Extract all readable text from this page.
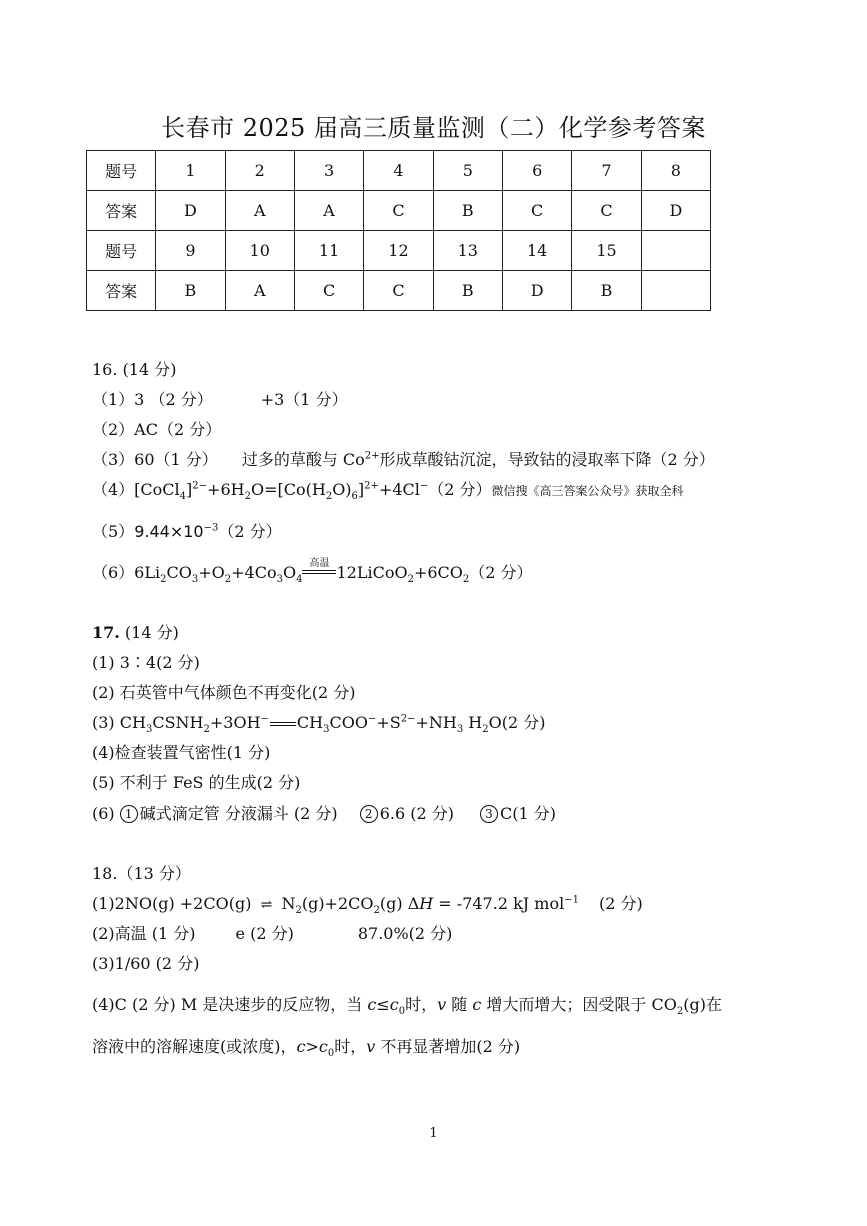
长春市 2025 届高三质量监测（二）化学参考答案
题号	1	2	3	4	5	6	7	8
答案	D	A	A	C	B	C	C	D
题号	9	10	11	12	13	14	15	
答案	B	A	C	C	B	D	B	
16. (14 分)
（1）3 （2 分）	+3（1 分）
（2）AC（2 分）
（3）60（1 分） 过多的草酸与 $Co^{2+}$形成草酸钴沉淀，导致钴的浸取率下降（2 分）
$(4)[CoCl_4]^{2-}+6H_2O=[Co(H_2O)_6]^{2+}+4Cl^-(2$ 分）微信搜《高三答案公众号》获取全科
$(5)9.44\times 10^{-3}(2$ 分）
$(6)6Li_2CO_3+O_2+4Co_3O_4$
高温 $12LiCoO_2+6CO_2(2$ 分）
17. (14 分)
(1) 3∶4(2 分)
(2) 石英管中气体颜色不再变化(2 分)
(3) $CH_3CSNH_2+3OH^-$ $CH_3COO^-+S^{2-}+NH_3$ $H_2O(2$ 分)
(4)检查装置气密性(1 分)
(5) 不利于 FeS 的生成(2 分)
(6) 1 碱式滴定管 分液漏斗 (2 分) 2 6.6 (2 分)	3 C(1 分)
18.（13 分）
(1)2NO(g) +2CO(g) ⇌ $N_2(g)+2CO_2(g) \Delta H = -747.2$ kJ mol$^{-1}$ (2 分)
(2)高温 (1 分)	e (2 分)	87.0%(2 分)
(3)1/60 (2 分)
(4)C (2 分) M 是决速步的反应物，当 $c\le c_0$时，v 随 c 增大而增大；因受限于 $CO_2(g)$在
溶液中的溶解速度(或浓度)，$c>c_0$时，v 不再显著增加(2 分)
1
